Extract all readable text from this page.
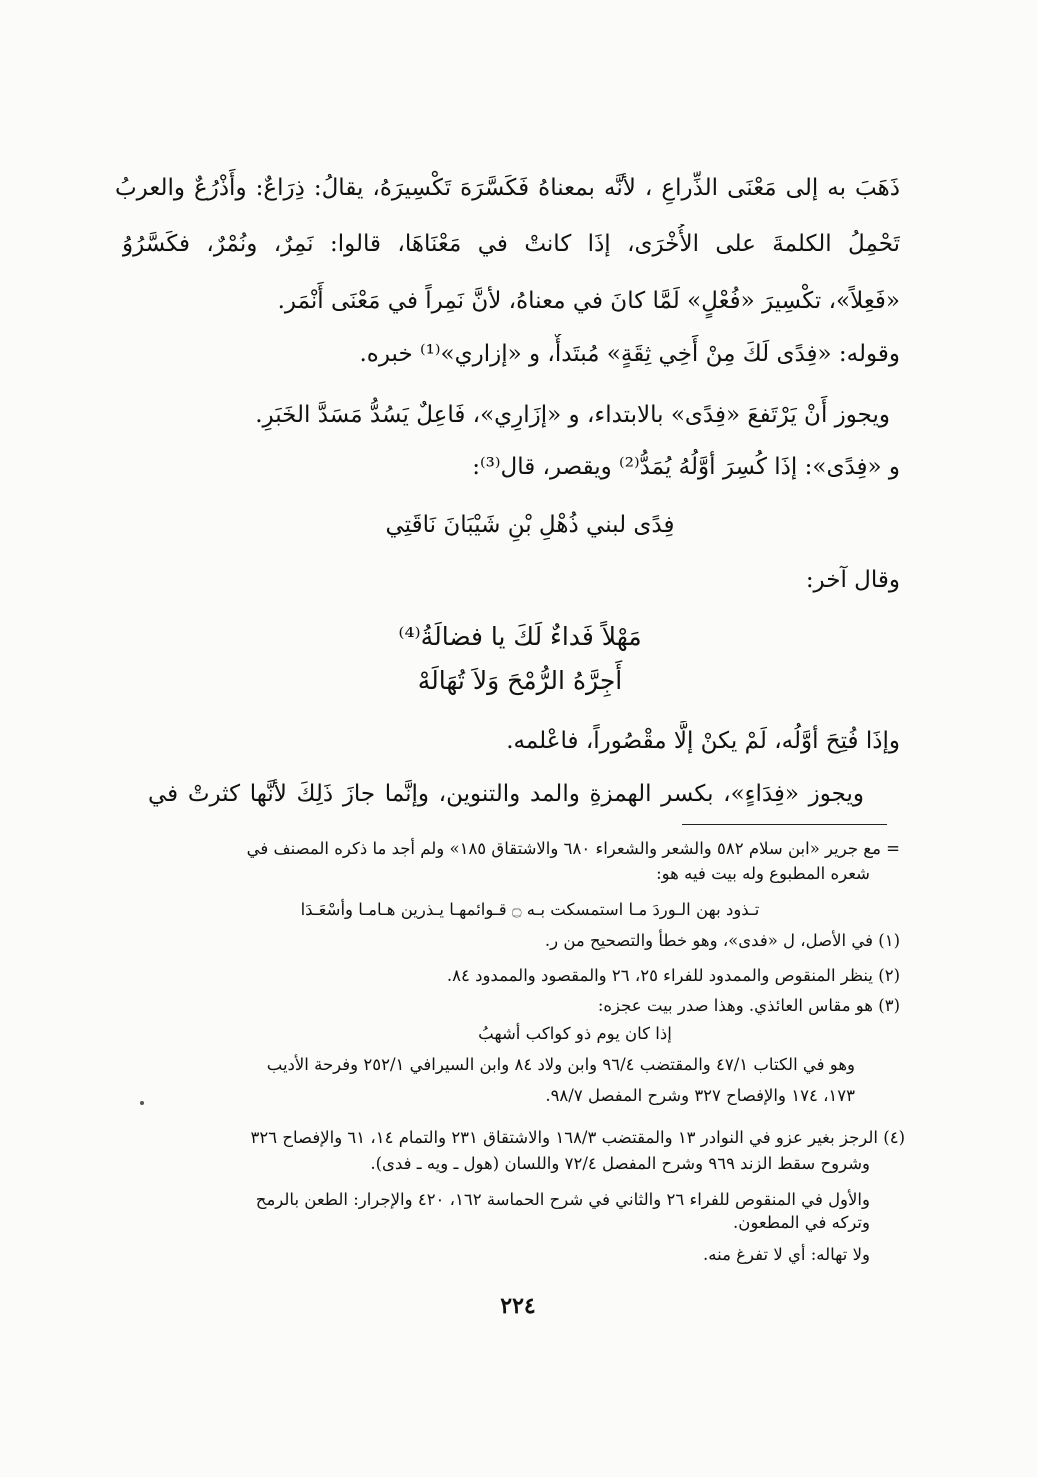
ذَهَبَ به إلى مَعْنَى الذِّراعِ ، لأنَّه بمعناهُ فَكَسَّرَهَ تَكْسِيرَهُ، يقالُ: ذِرَاعٌ: وأَذْرُعٌ والعربُ
تَحْمِلُ الكلمةَ على الأُخْرَى، إذَا كانتْ في مَعْنَاهَا، قالوا: نَمِرٌ، ونُمْرٌ، فكَسَّرُوُ
«فَعِلاً»، تكْسِيرَ «فُعْلٍ» لَمَّا كانَ في معناهُ، لأنَّ نَمِراً في مَعْنَى أَنْمَر.
وقوله: «فِدًى لَكَ مِنْ أَخِي ثِقَةٍ» مُبتَدأٌ، و «إزاري»⁽¹⁾ خبره.
ويجوز أَنْ يَرْتَفعَ «فِدًى» بالابتداء، و «إزَارِي»، فَاعِلٌ يَسُدُّ مَسَدَّ الخَبَرِ.
و «فِدًى»: إذَا كُسِرَ أوَّلُهُ يُمَدُّ⁽²⁾ ويقصر، قال⁽³⁾:
فِدًى لبني ذُهْلِ بْنِ شَيْبَانَ نَاقَتِي
وقال آخر:
مَهْلاً فَداءٌ لَكَ يا فضالَةُ⁽⁴⁾
أَجِرَّهُ الرُّمْحَ وَلاَ تُهَالَهْ
وإذَا فُتِحَ أوَّلُه، لَمْ يكنْ إلَّا مقْصُوراً، فاعْلمه.
ويجوز «فِدَاءٍ»، بكسر الهمزةِ والمد والتنوين، وإنَّما جازَ ذَلِكَ لأنَّها كثرتْ في
= مع جرير «ابن سلام ٥٨٢ والشعر والشعراء ٦٨٠ والاشتقاق ١٨٥» ولم أجد ما ذكره المصنف في
شعره المطبوع وله بيت فيه هو:
تـذود بهن الـوردَ مـا استمسكت بـه ۝ قـوائمهـا يـذرين هـامـا وأسْعَـدَا
(١) في الأصل، ل «فدى»، وهو خطأ والتصحيح من ر.
(٢) ينظر المنقوص والممدود للفراء ٢٥، ٢٦ والمقصود والممدود ٨٤.
(٣) هو مقاس العائذي. وهذا صدر بيت عجزه:
إذا كان يوم ذو كواكب أشهبُ
وهو في الكتاب ٤٧/١ والمقتضب ٩٦/٤ وابن ولاد ٨٤ وابن السيرافي ٢٥٢/١ وفرحة الأديب
١٧٣، ١٧٤ والإفصاح ٣٢٧ وشرح المفصل ٩٨/٧.
(٤) الرجز بغير عزو في النوادر ١٣ والمقتضب ١٦٨/٣ والاشتقاق ٢٣١ والتمام ١٤، ٦١ والإفصاح ٣٢٦
وشروح سقط الزند ٩٦٩ وشرح المفصل ٧٢/٤ واللسان (هول ـ ويه ـ فدى).
والأول في المنقوص للفراء ٢٦ والثاني في شرح الحماسة ١٦٢، ٤٢٠ والإجرار: الطعن بالرمح
وتركه في المطعون.
ولا تهاله: أي لا تفرغ منه.
٢٢٤
